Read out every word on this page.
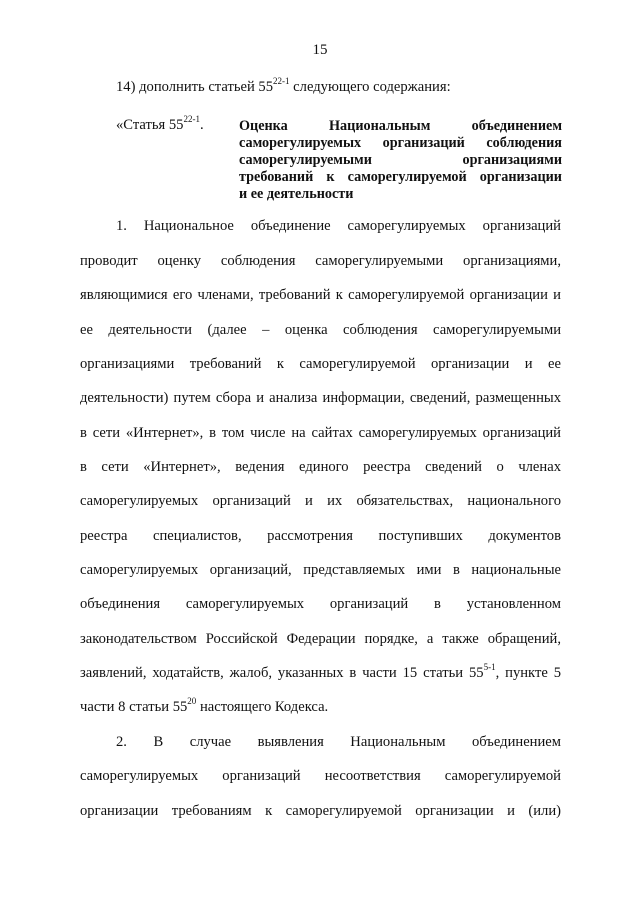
15
14) дополнить статьей 55$^{22-1}$ следующего содержания:
«Статья 55$^{22-1}$. Оценка Национальным объединением
саморегулируемых организаций соблюдения
саморегулируемыми организациями
требований к саморегулируемой организации
и ее деятельности
1. Национальное объединение саморегулируемых организаций
проводит оценку соблюдения саморегулируемыми организациями,
являющимися его членами, требований к саморегулируемой организации и
ее деятельности (далее – оценка соблюдения саморегулируемыми
организациями требований к саморегулируемой организации и ее
деятельности) путем сбора и анализа информации, сведений, размещенных
в сети «Интернет», в том числе на сайтах саморегулируемых организаций
в сети «Интернет», ведения единого реестра сведений о членах
саморегулируемых организаций и их обязательствах, национального
реестра специалистов, рассмотрения поступивших документов
саморегулируемых организаций, представляемых ими в национальные
объединения саморегулируемых организаций в установленном
законодательством Российской Федерации порядке, а также обращений,
заявлений, ходатайств, жалоб, указанных в части 15 статьи 55$^{5-1}$, пункте 5
части 8 статьи $55^{20}$ настоящего Кодекса.
2. В случае выявления Национальным объединением
саморегулируемых организаций несоответствия саморегулируемой
организации требованиям к саморегулируемой организации и (или)
